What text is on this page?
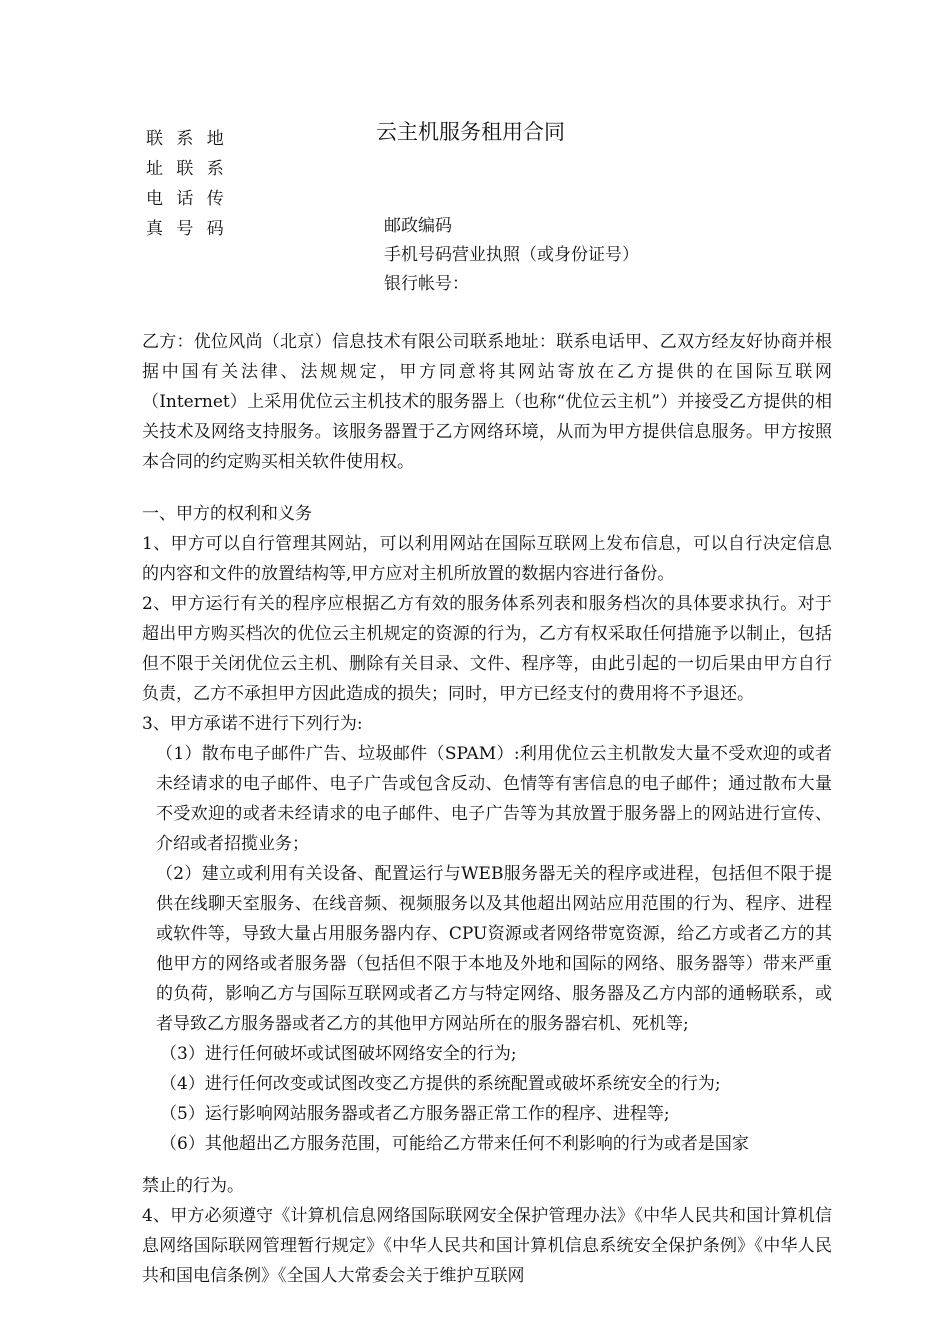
联 系 地
址 联 系
电 话 传
真 号 码
云主机服务租用合同
邮政编码
手机号码营业执照（或身份证号）
银行帐号：

乙方：优位风尚（北京）信息技术有限公司联系地址：联系电话甲、乙双方经友好协商并根据中国有关法律、法规规定，甲方同意将其网站寄放在乙方提供的在国际互联网（Internet）上采用优位云主机技术的服务器上（也称“优位云主机”）并接受乙方提供的相关技术及网络支持服务。该服务器置于乙方网络环境，从而为甲方提供信息服务。甲方按照本合同的约定购买相关软件使用权。

一、甲方的权利和义务

1、甲方可以自行管理其网站，可以利用网站在国际互联网上发布信息，可以自行决定信息的内容和文件的放置结构等,甲方应对主机所放置的数据内容进行备份。

2、甲方运行有关的程序应根据乙方有效的服务体系列表和服务档次的具体要求执行。对于超出甲方购买档次的优位云主机规定的资源的行为，乙方有权采取任何措施予以制止，包括但不限于关闭优位云主机、删除有关目录、文件、程序等，由此引起的一切后果由甲方自行负责，乙方不承担甲方因此造成的损失；同时，甲方已经支付的费用将不予退还。

3、甲方承诺不进行下列行为:

（1）散布电子邮件广告、垃圾邮件（SPAM）:利用优位云主机散发大量不受欢迎的或者未经请求的电子邮件、电子广告或包含反动、色情等有害信息的电子邮件；通过散布大量不受欢迎的或者未经请求的电子邮件、电子广告等为其放置于服务器上的网站进行宣传、介绍或者招揽业务；

（2）建立或利用有关设备、配置运行与WEB服务器无关的程序或进程，包括但不限于提供在线聊天室服务、在线音频、视频服务以及其他超出网站应用范围的行为、程序、进程或软件等，导致大量占用服务器内存、CPU资源或者网络带宽资源，给乙方或者乙方的其他甲方的网络或者服务器（包括但不限于本地及外地和国际的网络、服务器等）带来严重的负荷，影响乙方与国际互联网或者乙方与特定网络、服务器及乙方内部的通畅联系，或者导致乙方服务器或者乙方的其他甲方网站所在的服务器宕机、死机等;

（3）进行任何破坏或试图破坏网络安全的行为;

（4）进行任何改变或试图改变乙方提供的系统配置或破坏系统安全的行为;

（5）运行影响网站服务器或者乙方服务器正常工作的程序、进程等;

（6）其他超出乙方服务范围，可能给乙方带来任何不利影响的行为或者是国家

禁止的行为。

4、甲方必须遵守《计算机信息网络国际联网安全保护管理办法》《中华人民共和国计算机信息网络国际联网管理暂行规定》《中华人民共和国计算机信息系统安全保护条例》《中华人民共和国电信条例》《全国人大常委会关于维护互联网
